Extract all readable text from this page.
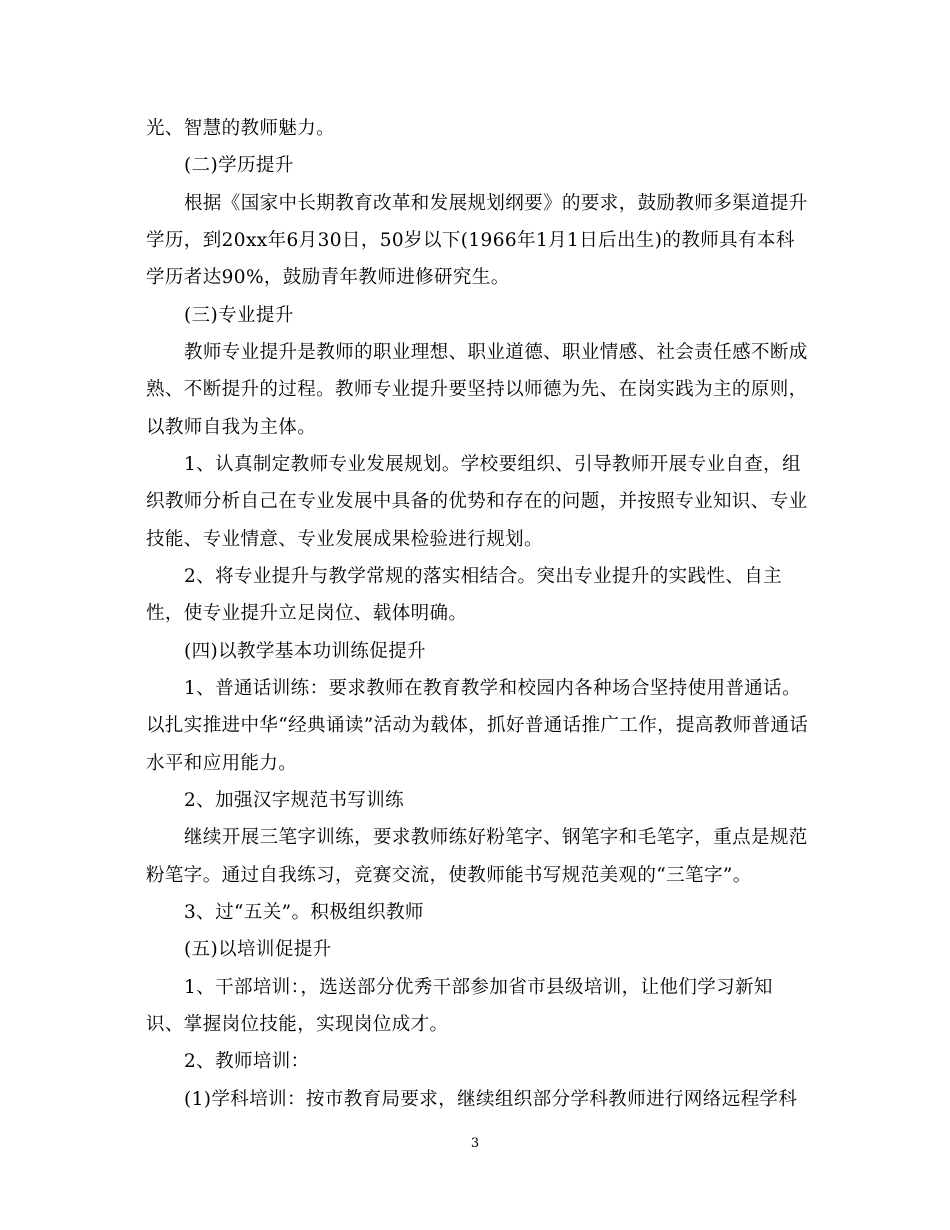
光、智慧的教师魅力。
(二)学历提升
根据《国家中长期教育改革和发展规划纲要》的要求，鼓励教师多渠道提升
学历，到20xx年6月30日，50岁以下(1966年1月1日后出生)的教师具有本科
学历者达90%，鼓励青年教师进修研究生。
(三)专业提升
教师专业提升是教师的职业理想、职业道德、职业情感、社会责任感不断成
熟、不断提升的过程。教师专业提升要坚持以师德为先、在岗实践为主的原则，
以教师自我为主体。
1、认真制定教师专业发展规划。学校要组织、引导教师开展专业自查，组
织教师分析自己在专业发展中具备的优势和存在的问题，并按照专业知识、专业
技能、专业情意、专业发展成果检验进行规划。
2、将专业提升与教学常规的落实相结合。突出专业提升的实践性、自主
性，使专业提升立足岗位、载体明确。
(四)以教学基本功训练促提升
1、普通话训练：要求教师在教育教学和校园内各种场合坚持使用普通话。
以扎实推进中华“经典诵读”活动为载体，抓好普通话推广工作，提高教师普通话
水平和应用能力。
2、加强汉字规范书写训练
继续开展三笔字训练，要求教师练好粉笔字、钢笔字和毛笔字，重点是规范
粉笔字。通过自我练习，竞赛交流，使教师能书写规范美观的“三笔字”。
3、过“五关”。积极组织教师
(五)以培训促提升
1、干部培训：，选送部分优秀干部参加省市县级培训，让他们学习新知
识、掌握岗位技能，实现岗位成才。
2、教师培训：
(1)学科培训：按市教育局要求，继续组织部分学科教师进行网络远程学科
3
